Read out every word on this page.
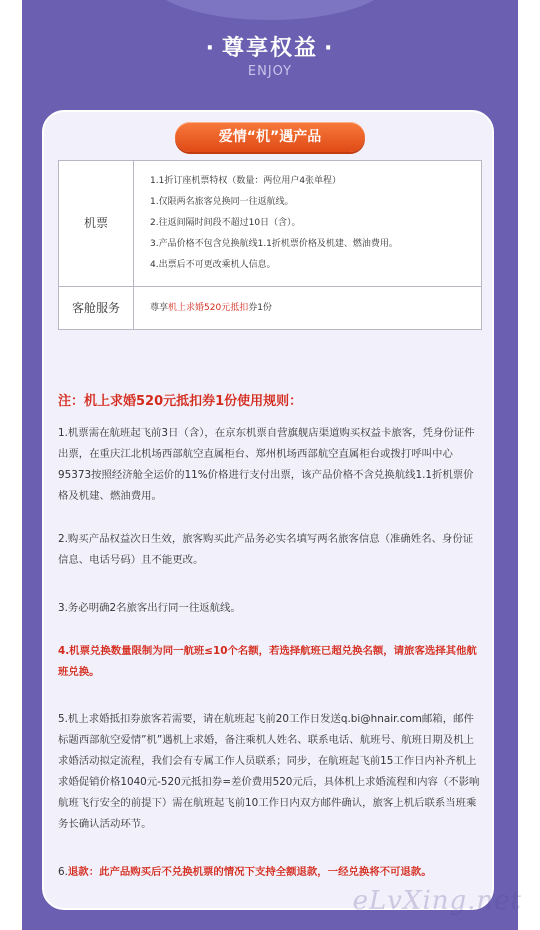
· 尊享权益 ·
ENJOY
爱情“机”遇产品
机票	1.1折订座机票特权（数量：两位用户4张单程）
1.仅限两名旅客兑换同一往返航线。
2.往返间隔时间段不超过10日（含）。
3.产品价格不包含兑换航线1.1折机票价格及机建、燃油费用。
4.出票后不可更改乘机人信息。

客舱服务	尊享机上求婚520元抵扣券1份
注：机上求婚520元抵扣券1份使用规则：
1.机票需在航班起飞前3日（含），在京东机票自营旗舰店渠道购买权益卡旅客，凭身份证件出票，在重庆江北机场西部航空直属柜台、郑州机场西部航空直属柜台或拨打呼叫中心95373按照经济舱全运价的11%价格进行支付出票，该产品价格不含兑换航线1.1折机票价格及机建、燃油费用。
2.购买产品权益次日生效，旅客购买此产品务必实名填写两名旅客信息（准确姓名、身份证信息、电话号码）且不能更改。
3.务必明确2名旅客出行同一往返航线。
4.机票兑换数量限制为同一航班≤10个名额，若选择航班已超兑换名额，请旅客选择其他航班兑换。
5.机上求婚抵扣券旅客若需要，请在航班起飞前20工作日发送q.bi@hnair.com邮箱，邮件标题西部航空爱情”机”遇机上求婚，备注乘机人姓名、联系电话、航班号、航班日期及机上求婚活动拟定流程，我们会有专属工作人员联系；同步，在航班起飞前15工作日内补齐机上求婚促销价格1040元-520元抵扣券=差价费用520元后，具体机上求婚流程和内容（不影响航班飞行安全的前提下）需在航班起飞前10工作日内双方邮件确认，旅客上机后联系当班乘务长确认活动环节。
6.退款：此产品购买后不兑换机票的情况下支持全额退款，一经兑换将不可退款。
eLvXing.net
